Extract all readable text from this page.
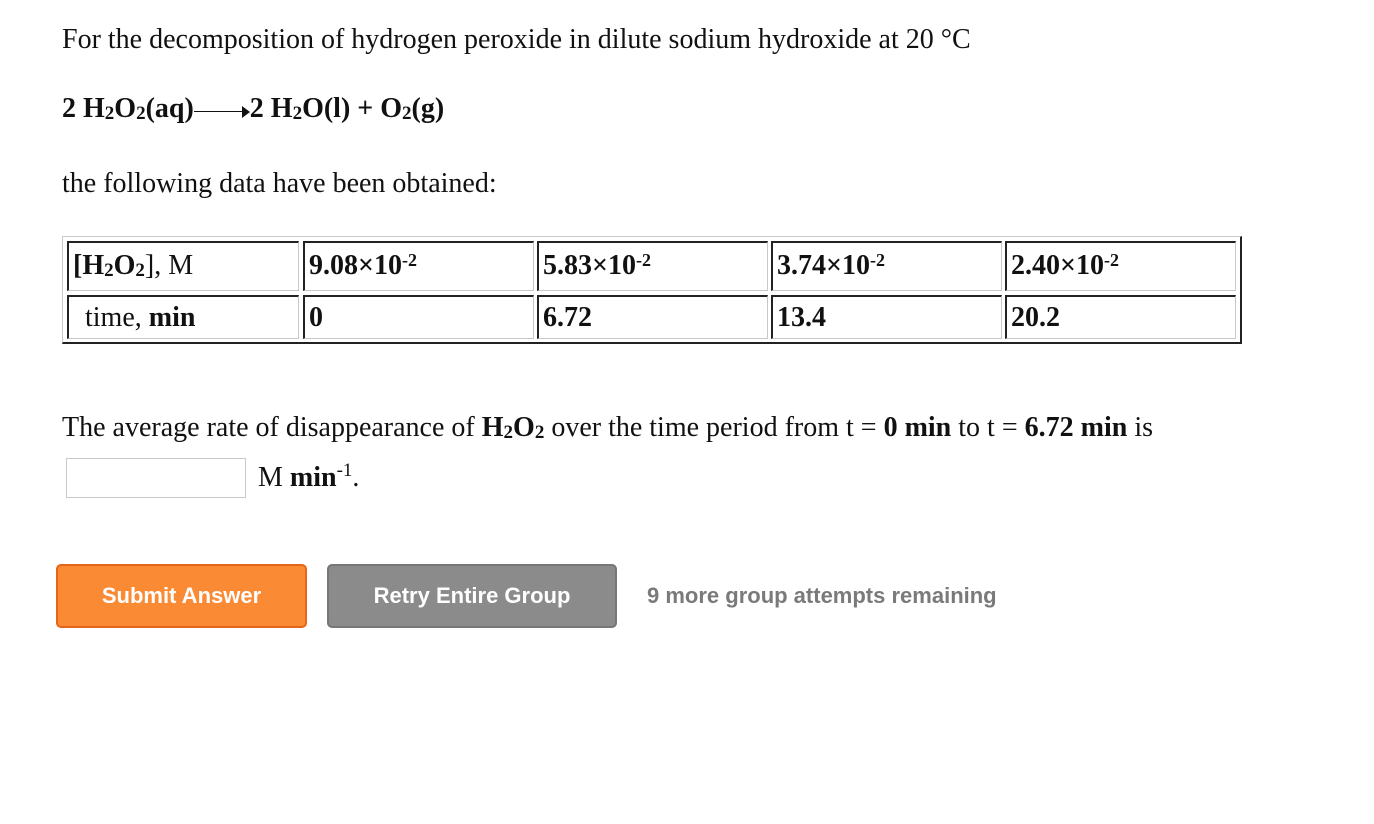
For the decomposition of hydrogen peroxide in dilute sodium hydroxide at 20 °C
2 $H_2O_2(aq)$ 2 $H_2O(l) + O_2(g)$
the following data have been obtained:
$[H_2O_2]$, M	$9.08\times 10^{-2}$	$5.83\times 10^{-2}$	$3.74\times 10^{-2}$	$2.40\times 10^{-2}$
time, min	0	6.72	13.4	20.2
The average rate of disappearance of $H_2O_2$ over the time period from t = 0 min to t = 6.72 min is
M $\min^{-1}$.
Submit Answer	Retry Entire Group	9 more group attempts remaining
